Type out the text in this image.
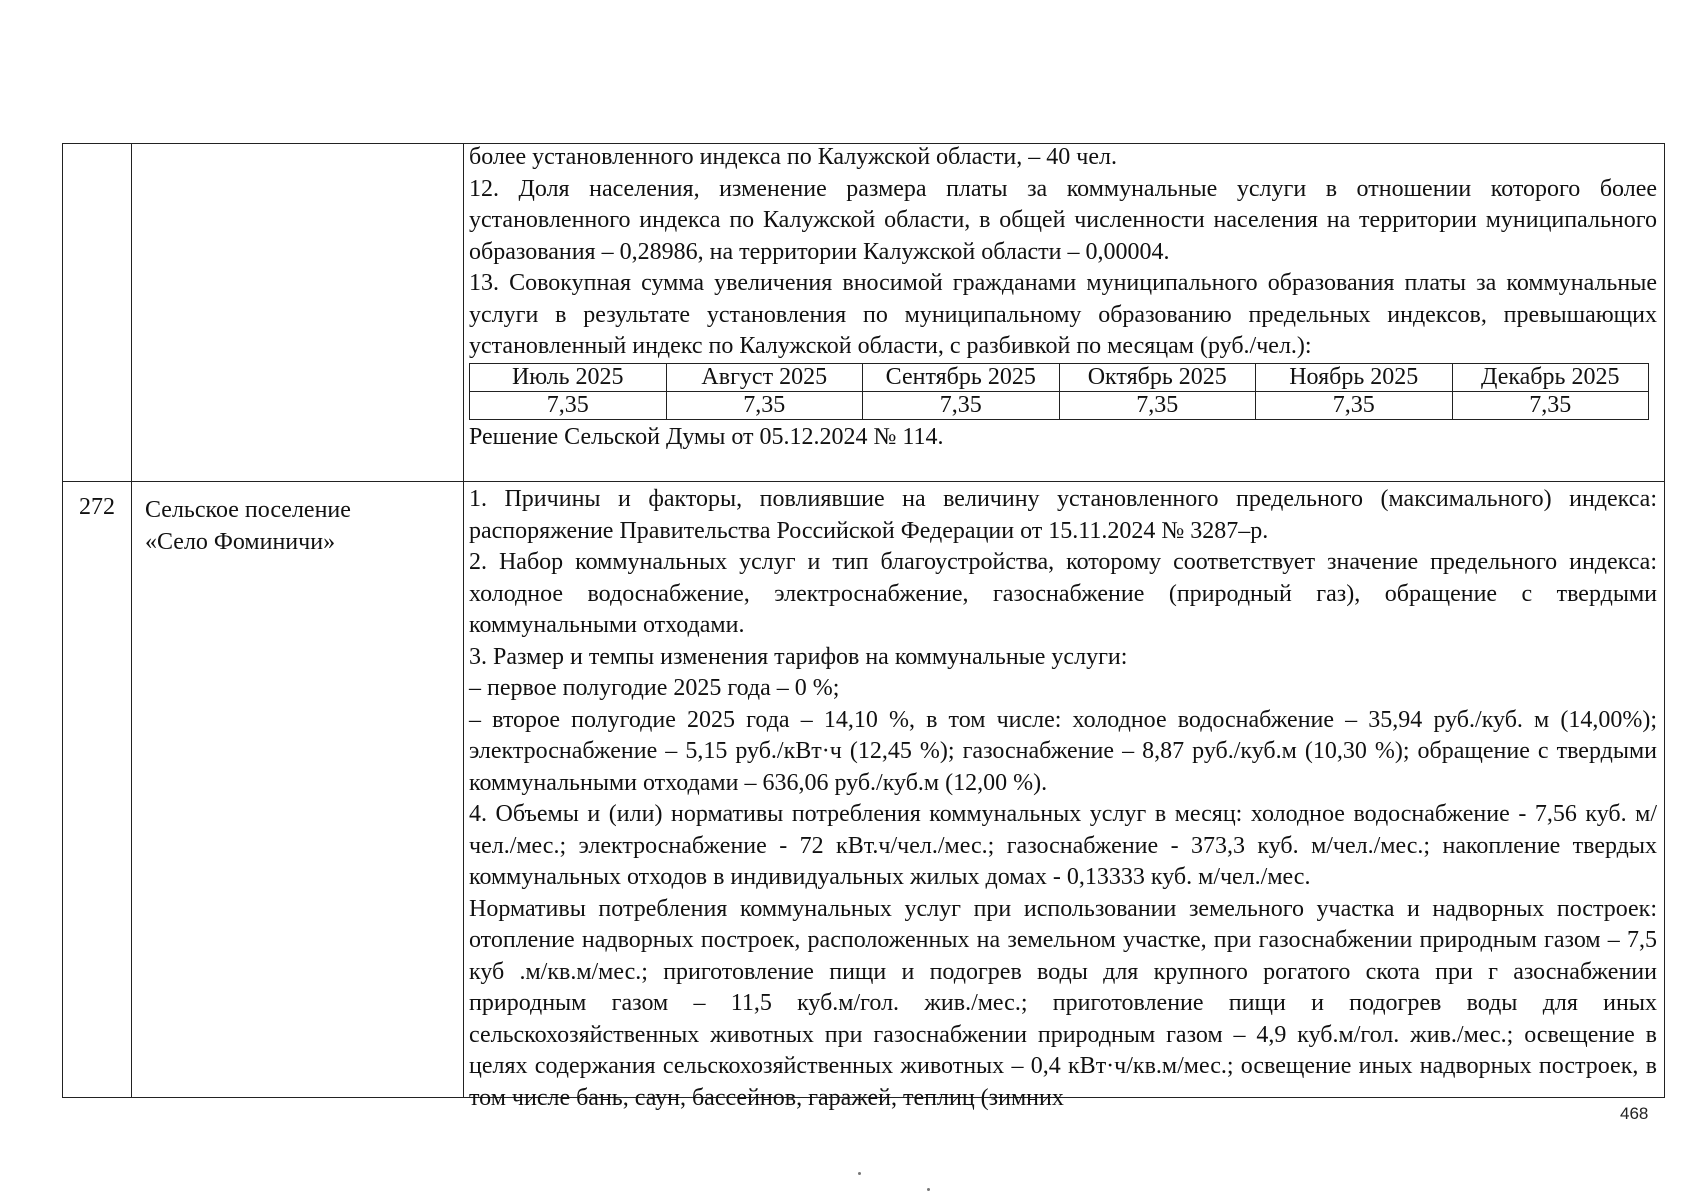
более установленного индекса по Калужской области, – 40 чел.

12. Доля населения, изменение размера платы за коммунальные услуги в отношении которого более установленного индекса по Калужской области, в общей численности населения на территории муниципального образования – 0,28986, на территории Калужской области – 0,00004.

13. Совокупная сумма увеличения вносимой гражданами муниципального образования платы за коммунальные услуги в результате установления по муниципальному образованию предельных индексов, превышающих установленный индекс по Калужской области, с разбивкой по месяцам (руб./чел.):

Июль 2025	Август 2025	Сентябрь 2025	Октябрь 2025	Ноябрь 2025	Декабрь 2025
7,35	7,35	7,35	7,35	7,35	7,35

Решение Сельской Думы от 05.12.2024 № 114.

272	Сельское поселение
«Село Фоминичи»

1. Причины и факторы, повлиявшие на величину установленного предельного (максимального) индекса: распоряжение Правительства Российской Федерации от 15.11.2024 № 3287–р.

2. Набор коммунальных услуг и тип благоустройства, которому соответствует значение предельного индекса: холодное водоснабжение, электроснабжение, газоснабжение (природный газ), обращение с твердыми коммунальными отходами.

3. Размер и темпы изменения тарифов на коммунальные услуги:

– первое полугодие 2025 года – 0 %;

– второе полугодие 2025 года – 14,10 %, в том числе: холодное водоснабжение – 35,94 руб./куб. м (14,00%); электроснабжение – 5,15 руб./кВт·ч (12,45 %); газоснабжение – 8,87 руб./куб.м (10,30 %); обращение с твердыми коммунальными отходами – 636,06 руб./куб.м (12,00 %).

4. Объемы и (или) нормативы потребления коммунальных услуг в месяц: холодное водоснабжение - 7,56 куб. м/чел./мес.; электроснабжение - 72 кВт.ч/чел./мес.; газоснабжение - 373,3 куб. м/чел./мес.; накопление твердых коммунальных отходов в индивидуальных жилых домах - 0,13333 куб. м/чел./мес.

Нормативы потребления коммунальных услуг при использовании земельного участка и надворных построек: отопление надворных построек, расположенных на земельном участке, при газоснабжении природным газом – 7,5 куб .м/кв.м/мес.; приготовление пищи и подогрев воды для крупного рогатого скота при г азоснабжении природным газом – 11,5 куб.м/гол. жив./мес.; приготовление пищи и подогрев воды для иных сельскохозяйственных животных при газоснабжении природным газом – 4,9 куб.м/гол. жив./мес.; освещение в целях содержания сельскохозяйственных животных – 0,4 кВт·ч/кв.м/мес.; освещение иных надворных построек, в том числе бань, саун, бассейнов, гаражей, теплиц (зимних

468
